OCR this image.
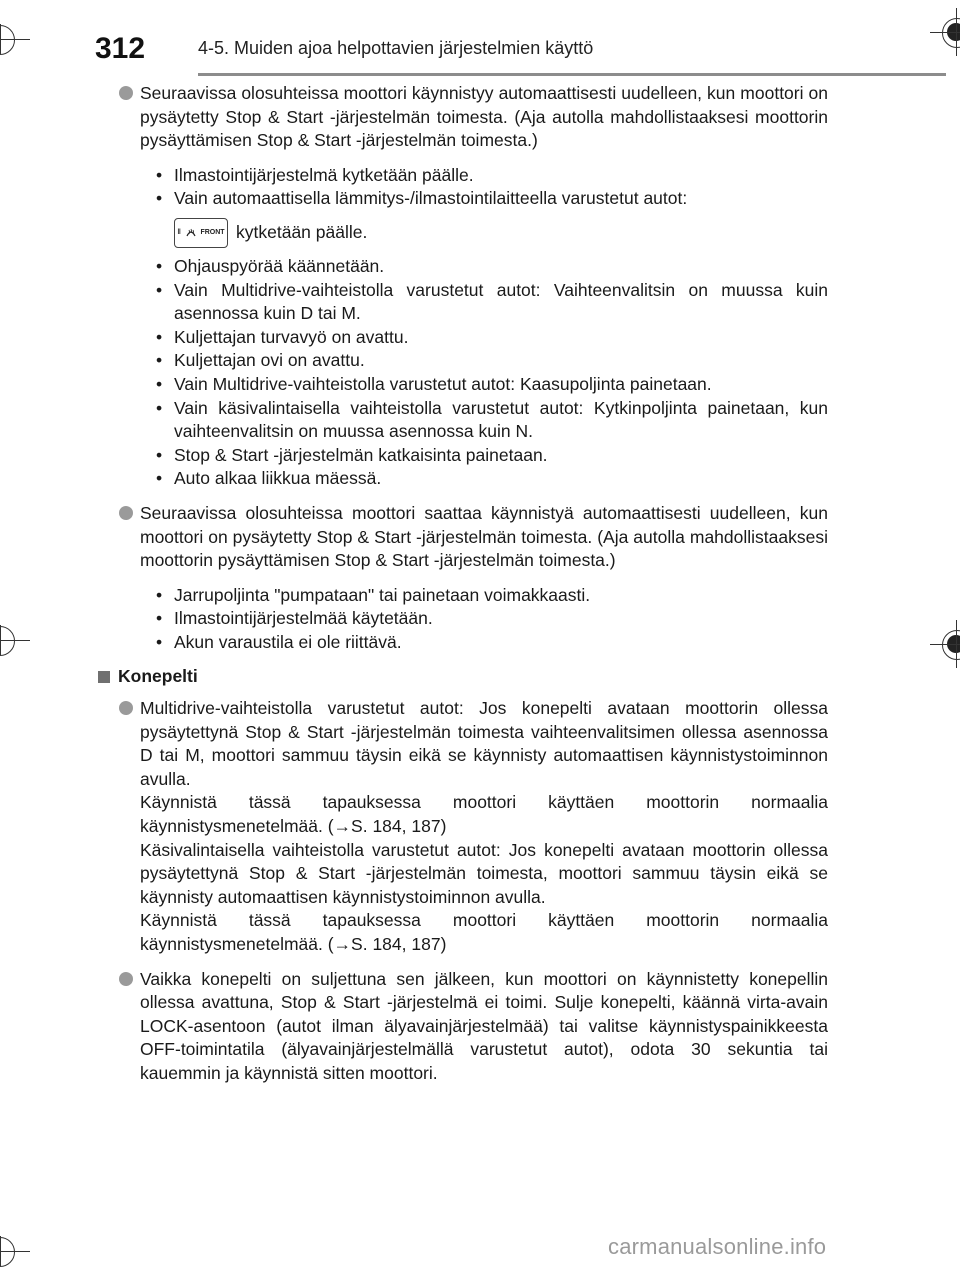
312	4-5. Muiden ajoa helpottavien järjestelmien käyttö
Seuraavissa olosuhteissa moottori käynnistyy automaattisesti uudelleen, kun moottori on pysäytetty Stop & Start -järjestelmän toimesta. (Aja autolla mahdollistaaksesi moottorin pysäyttämisen Stop & Start -järjestelmän toimesta.)
• Ilmastointijärjestelmä kytketään päälle.
• Vain automaattisella lämmitys-/ilmastointilaitteella varustetut autot:
‖	FRONT kytketään päälle.
• Ohjauspyörää käännetään.
• Vain Multidrive-vaihteistolla varustetut autot: Vaihteenvalitsin on muussa kuin asennossa kuin D tai M.
• Kuljettajan turvavyö on avattu.
• Kuljettajan ovi on avattu.
• Vain Multidrive-vaihteistolla varustetut autot: Kaasupoljinta painetaan.
• Vain käsivalintaisella vaihteistolla varustetut autot: Kytkinpoljinta painetaan, kun vaihteenvalitsin on muussa asennossa kuin N.
• Stop & Start -järjestelmän katkaisinta painetaan.
• Auto alkaa liikkua mäessä.
Seuraavissa olosuhteissa moottori saattaa käynnistyä automaattisesti uudelleen, kun moottori on pysäytetty Stop & Start -järjestelmän toimesta. (Aja autolla mahdollistaaksesi moottorin pysäyttämisen Stop & Start -järjestelmän toimesta.)
• Jarrupoljinta "pumpataan" tai painetaan voimakkaasti.
• Ilmastointijärjestelmää käytetään.
• Akun varaustila ei ole riittävä.
Konepelti
Multidrive-vaihteistolla varustetut autot: Jos konepelti avataan moottorin ollessa pysäytettynä Stop & Start -järjestelmän toimesta vaihteenvalitsimen ollessa asennossa D tai M, moottori sammuu täysin eikä se käynnisty automaattisen käynnistystoiminnon avulla.
Käynnistä tässä tapauksessa moottori käyttäen moottorin normaalia käynnistysmenetelmää. (→S. 184, 187)
Käsivalintaisella vaihteistolla varustetut autot: Jos konepelti avataan moottorin ollessa pysäytettynä Stop & Start -järjestelmän toimesta, moottori sammuu täysin eikä se käynnisty automaattisen käynnistystoiminnon avulla.
Käynnistä tässä tapauksessa moottori käyttäen moottorin normaalia käynnistysmenetelmää. (→S. 184, 187)
Vaikka konepelti on suljettuna sen jälkeen, kun moottori on käynnistetty konepellin ollessa avattuna, Stop & Start -järjestelmä ei toimi. Sulje konepelti, käännä virta-avain LOCK-asentoon (autot ilman älyavainjärjestelmää) tai valitse käynnistyspainikkeesta OFF-toimintatila (älyavainjärjestelmällä varustetut autot), odota 30 sekuntia tai kauemmin ja käynnistä sitten moottori.
carmanualsonline.info
